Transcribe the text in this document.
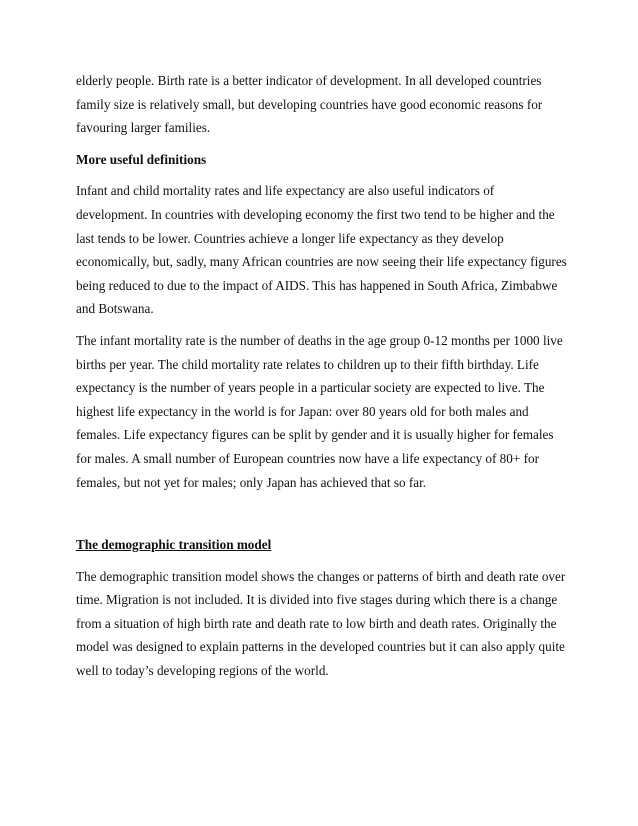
elderly people. Birth rate is a better indicator of development. In all developed countries family size is relatively small, but developing countries have good economic reasons for favouring larger families.

More useful definitions

Infant and child mortality rates and life expectancy are also useful indicators of development. In countries with developing economy the first two tend to be higher and the last tends to be lower. Countries achieve a longer life expectancy as they develop economically, but, sadly, many African countries are now seeing their life expectancy figures being reduced to due to the impact of AIDS. This has happened in South Africa, Zimbabwe and Botswana.

The infant mortality rate is the number of deaths in the age group 0-12 months per 1000 live births per year. The child mortality rate relates to children up to their fifth birthday. Life expectancy is the number of years people in a particular society are expected to live. The highest life expectancy in the world is for Japan: over 80 years old for both males and females. Life expectancy figures can be split by gender and it is usually higher for females for males. A small number of European countries now have a life expectancy of 80+ for females, but not yet for males; only Japan has achieved that so far.

The demographic transition model

The demographic transition model shows the changes or patterns of birth and death rate over time. Migration is not included. It is divided into five stages during which there is a change from a situation of high birth rate and death rate to low birth and death rates. Originally the model was designed to explain patterns in the developed countries but it can also apply quite well to today’s developing regions of the world.
